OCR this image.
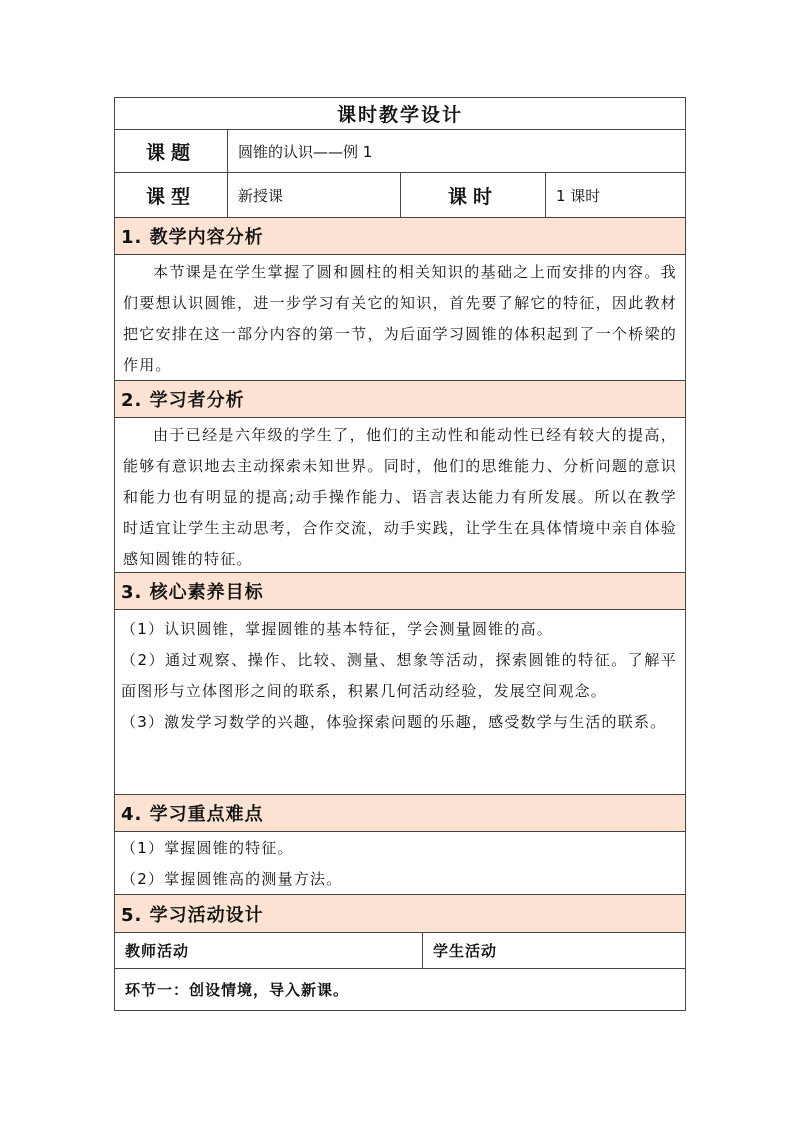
课时教学设计
课题	圆锥的认识——例 1
课型	新授课	课时	1 课时
1. 教学内容分析
本节课是在学生掌握了圆和圆柱的相关知识的基础之上而安排的内容。我们要想认识圆锥，进一步学习有关它的知识，首先要了解它的特征，因此教材把它安排在这一部分内容的第一节，为后面学习圆锥的体积起到了一个桥梁的作用。
2. 学习者分析
由于已经是六年级的学生了，他们的主动性和能动性已经有较大的提高，能够有意识地去主动探索未知世界。同时，他们的思维能力、分析问题的意识和能力也有明显的提高;动手操作能力、语言表达能力有所发展。所以在教学时适宜让学生主动思考，合作交流，动手实践，让学生在具体情境中亲自体验感知圆锥的特征。
3. 核心素养目标

（1）认识圆锥，掌握圆锥的基本特征，学会测量圆锥的高。

（2）通过观察、操作、比较、测量、想象等活动，探索圆锥的特征。了解平面图形与立体图形之间的联系，积累几何活动经验，发展空间观念。

（3）激发学习数学的兴趣，体验探索问题的乐趣，感受数学与生活的联系。

4. 学习重点难点

（1）掌握圆锥的特征。

（2）掌握圆锥高的测量方法。

5. 学习活动设计
教师活动	学生活动
环节一：创设情境，导入新课。
